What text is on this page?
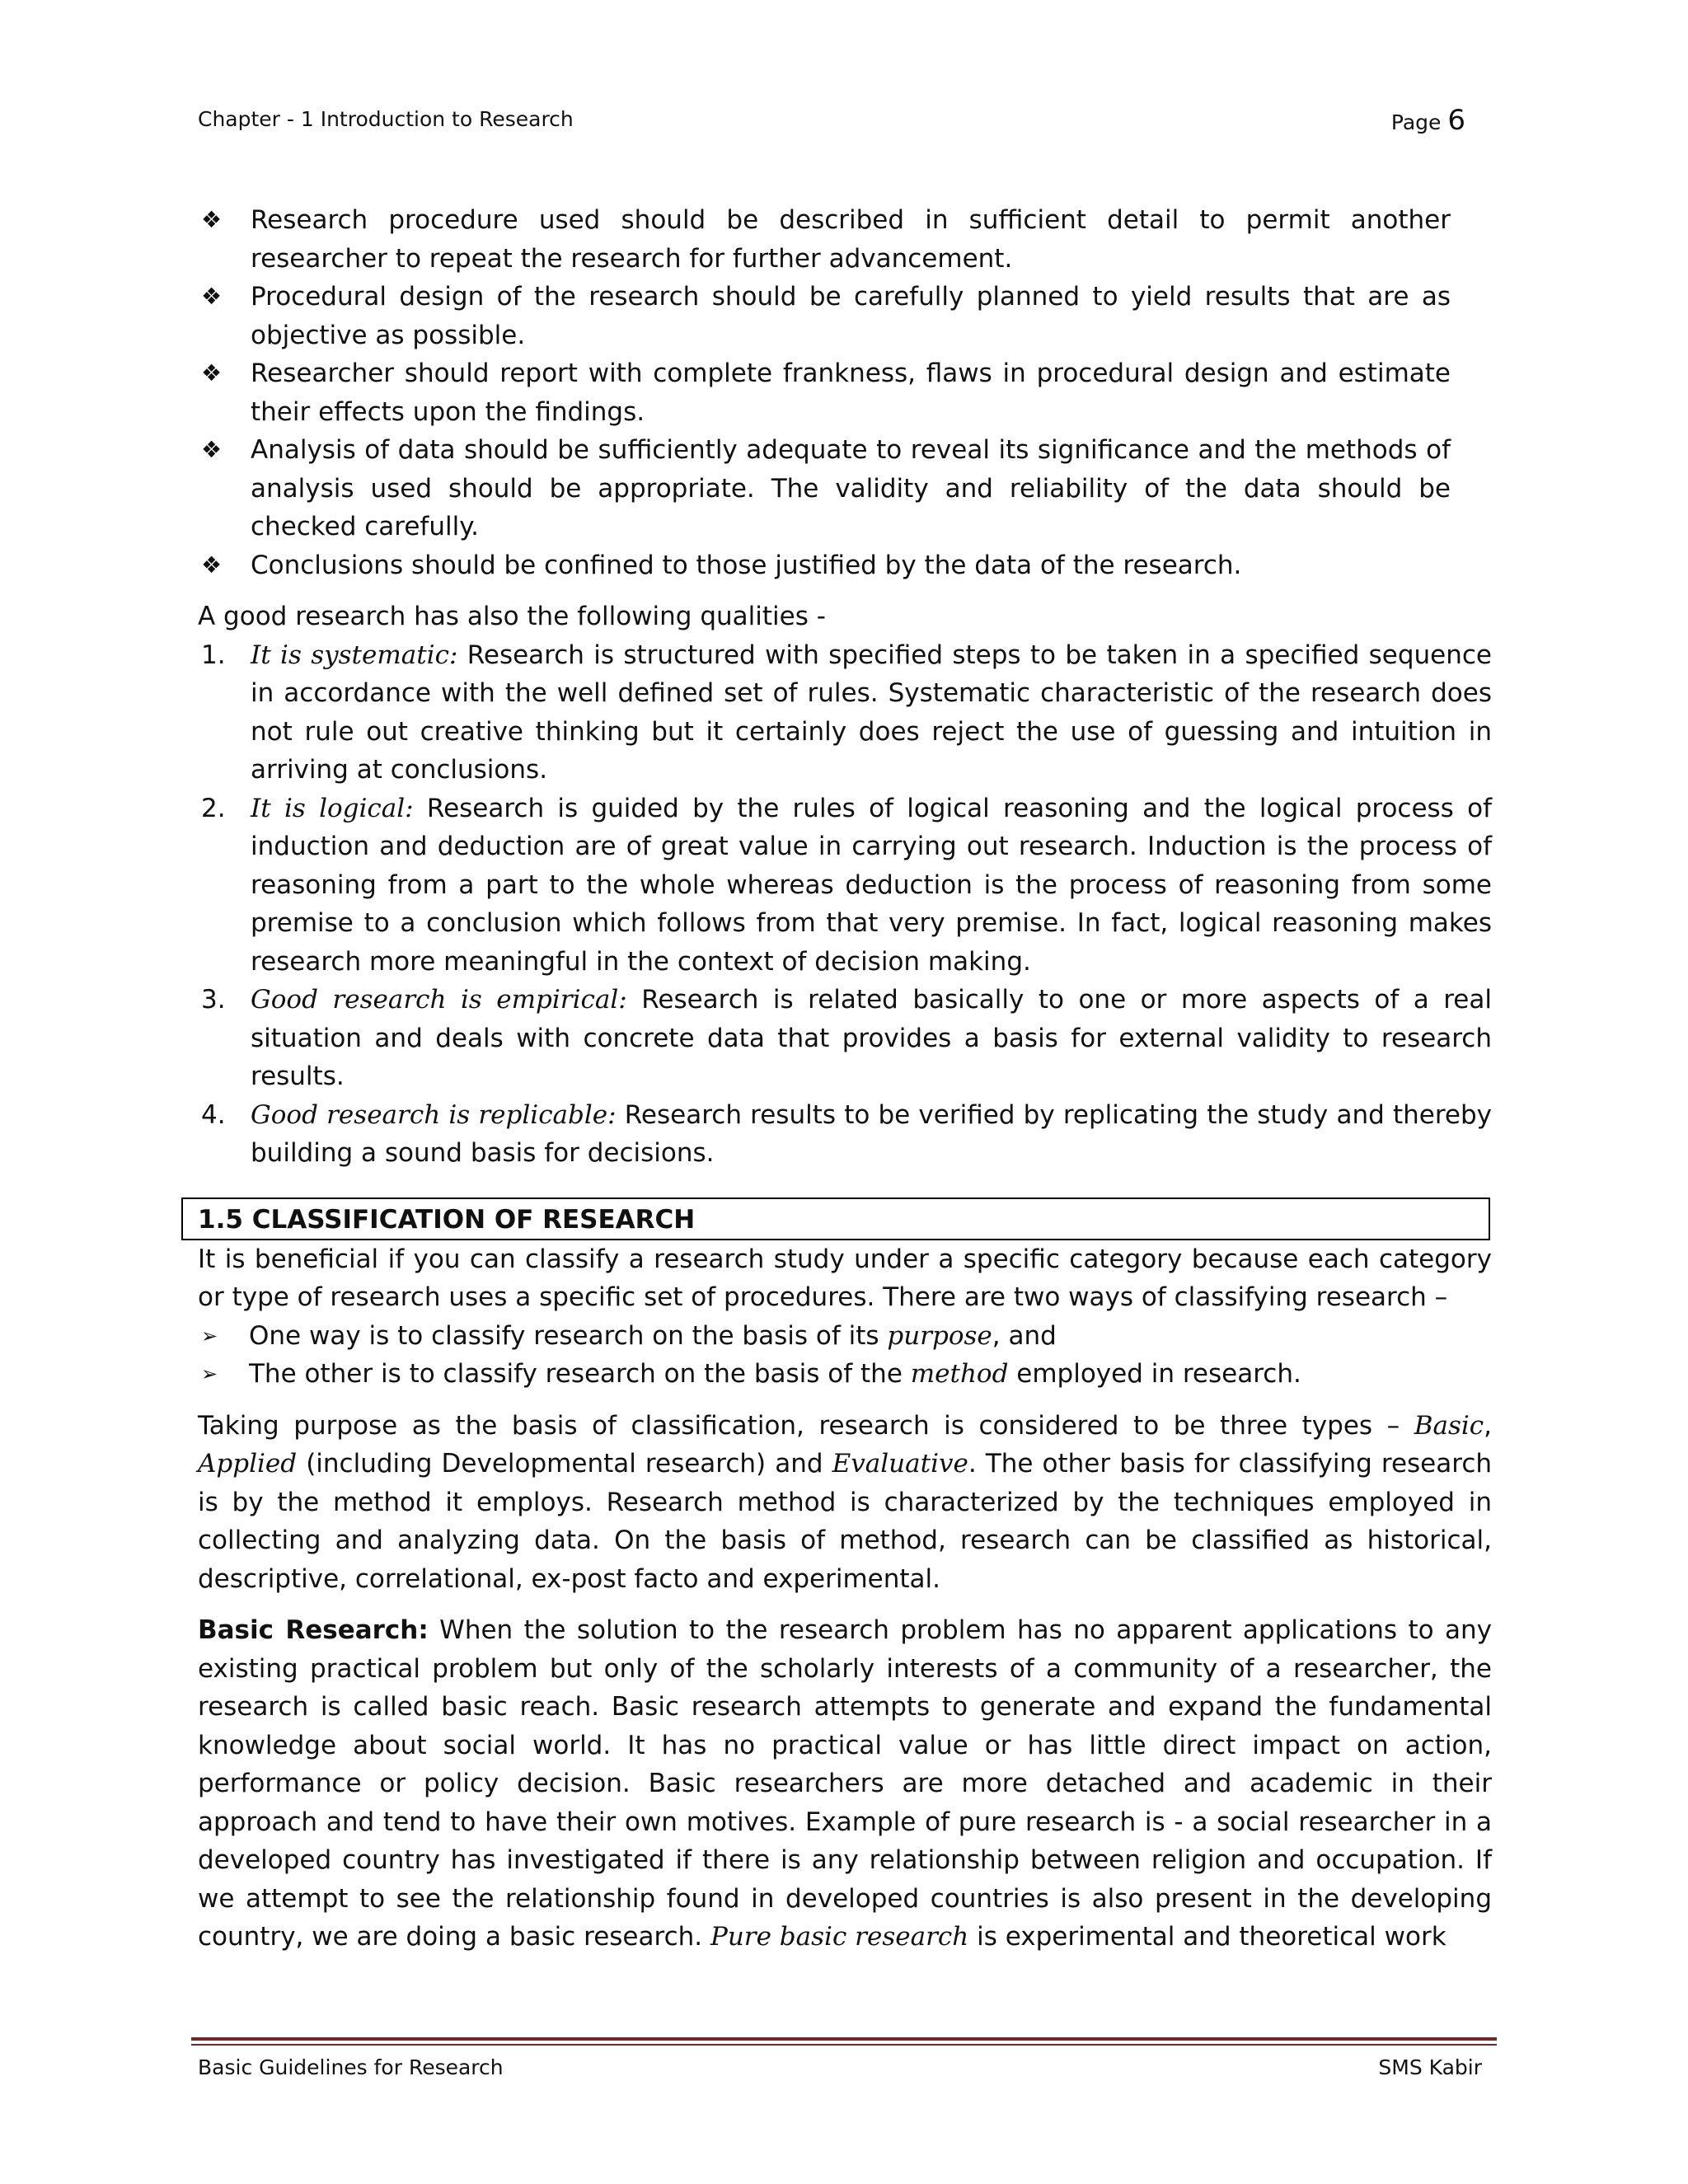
Chapter - 1 Introduction to Research	Page 6
❖ Research procedure used should be described in sufficient detail to permit another researcher to repeat the research for further advancement.
❖ Procedural design of the research should be carefully planned to yield results that are as objective as possible.
❖ Researcher should report with complete frankness, flaws in procedural design and estimate their effects upon the findings.
❖ Analysis of data should be sufficiently adequate to reveal its significance and the methods of analysis used should be appropriate. The validity and reliability of the data should be checked carefully.
❖ Conclusions should be confined to those justified by the data of the research.
A good research has also the following qualities -
1. It is systematic: Research is structured with specified steps to be taken in a specified sequence in accordance with the well defined set of rules. Systematic characteristic of the research does not rule out creative thinking but it certainly does reject the use of guessing and intuition in arriving at conclusions.
2. It is logical: Research is guided by the rules of logical reasoning and the logical process of induction and deduction are of great value in carrying out research. Induction is the process of reasoning from a part to the whole whereas deduction is the process of reasoning from some premise to a conclusion which follows from that very premise. In fact, logical reasoning makes research more meaningful in the context of decision making.
3. Good research is empirical: Research is related basically to one or more aspects of a real situation and deals with concrete data that provides a basis for external validity to research results.
4. Good research is replicable: Research results to be verified by replicating the study and thereby building a sound basis for decisions.
1.5 CLASSIFICATION OF RESEARCH
It is beneficial if you can classify a research study under a specific category because each category or type of research uses a specific set of procedures. There are two ways of classifying research –
➢ One way is to classify research on the basis of its purpose, and
➢ The other is to classify research on the basis of the method employed in research.

Taking purpose as the basis of classification, research is considered to be three types – Basic, Applied (including Developmental research) and Evaluative. The other basis for classifying research is by the method it employs. Research method is characterized by the techniques employed in collecting and analyzing data. On the basis of method, research can be classified as historical, descriptive, correlational, ex-post facto and experimental.

Basic Research: When the solution to the research problem has no apparent applications to any existing practical problem but only of the scholarly interests of a community of a researcher, the research is called basic reach. Basic research attempts to generate and expand the fundamental knowledge about social world. It has no practical value or has little direct impact on action, performance or policy decision. Basic researchers are more detached and academic in their approach and tend to have their own motives. Example of pure research is - a social researcher in a developed country has investigated if there is any relationship between religion and occupation. If we attempt to see the relationship found in developed countries is also present in the developing country, we are doing a basic research. Pure basic research is experimental and theoretical work

Basic Guidelines for Research	SMS Kabir
